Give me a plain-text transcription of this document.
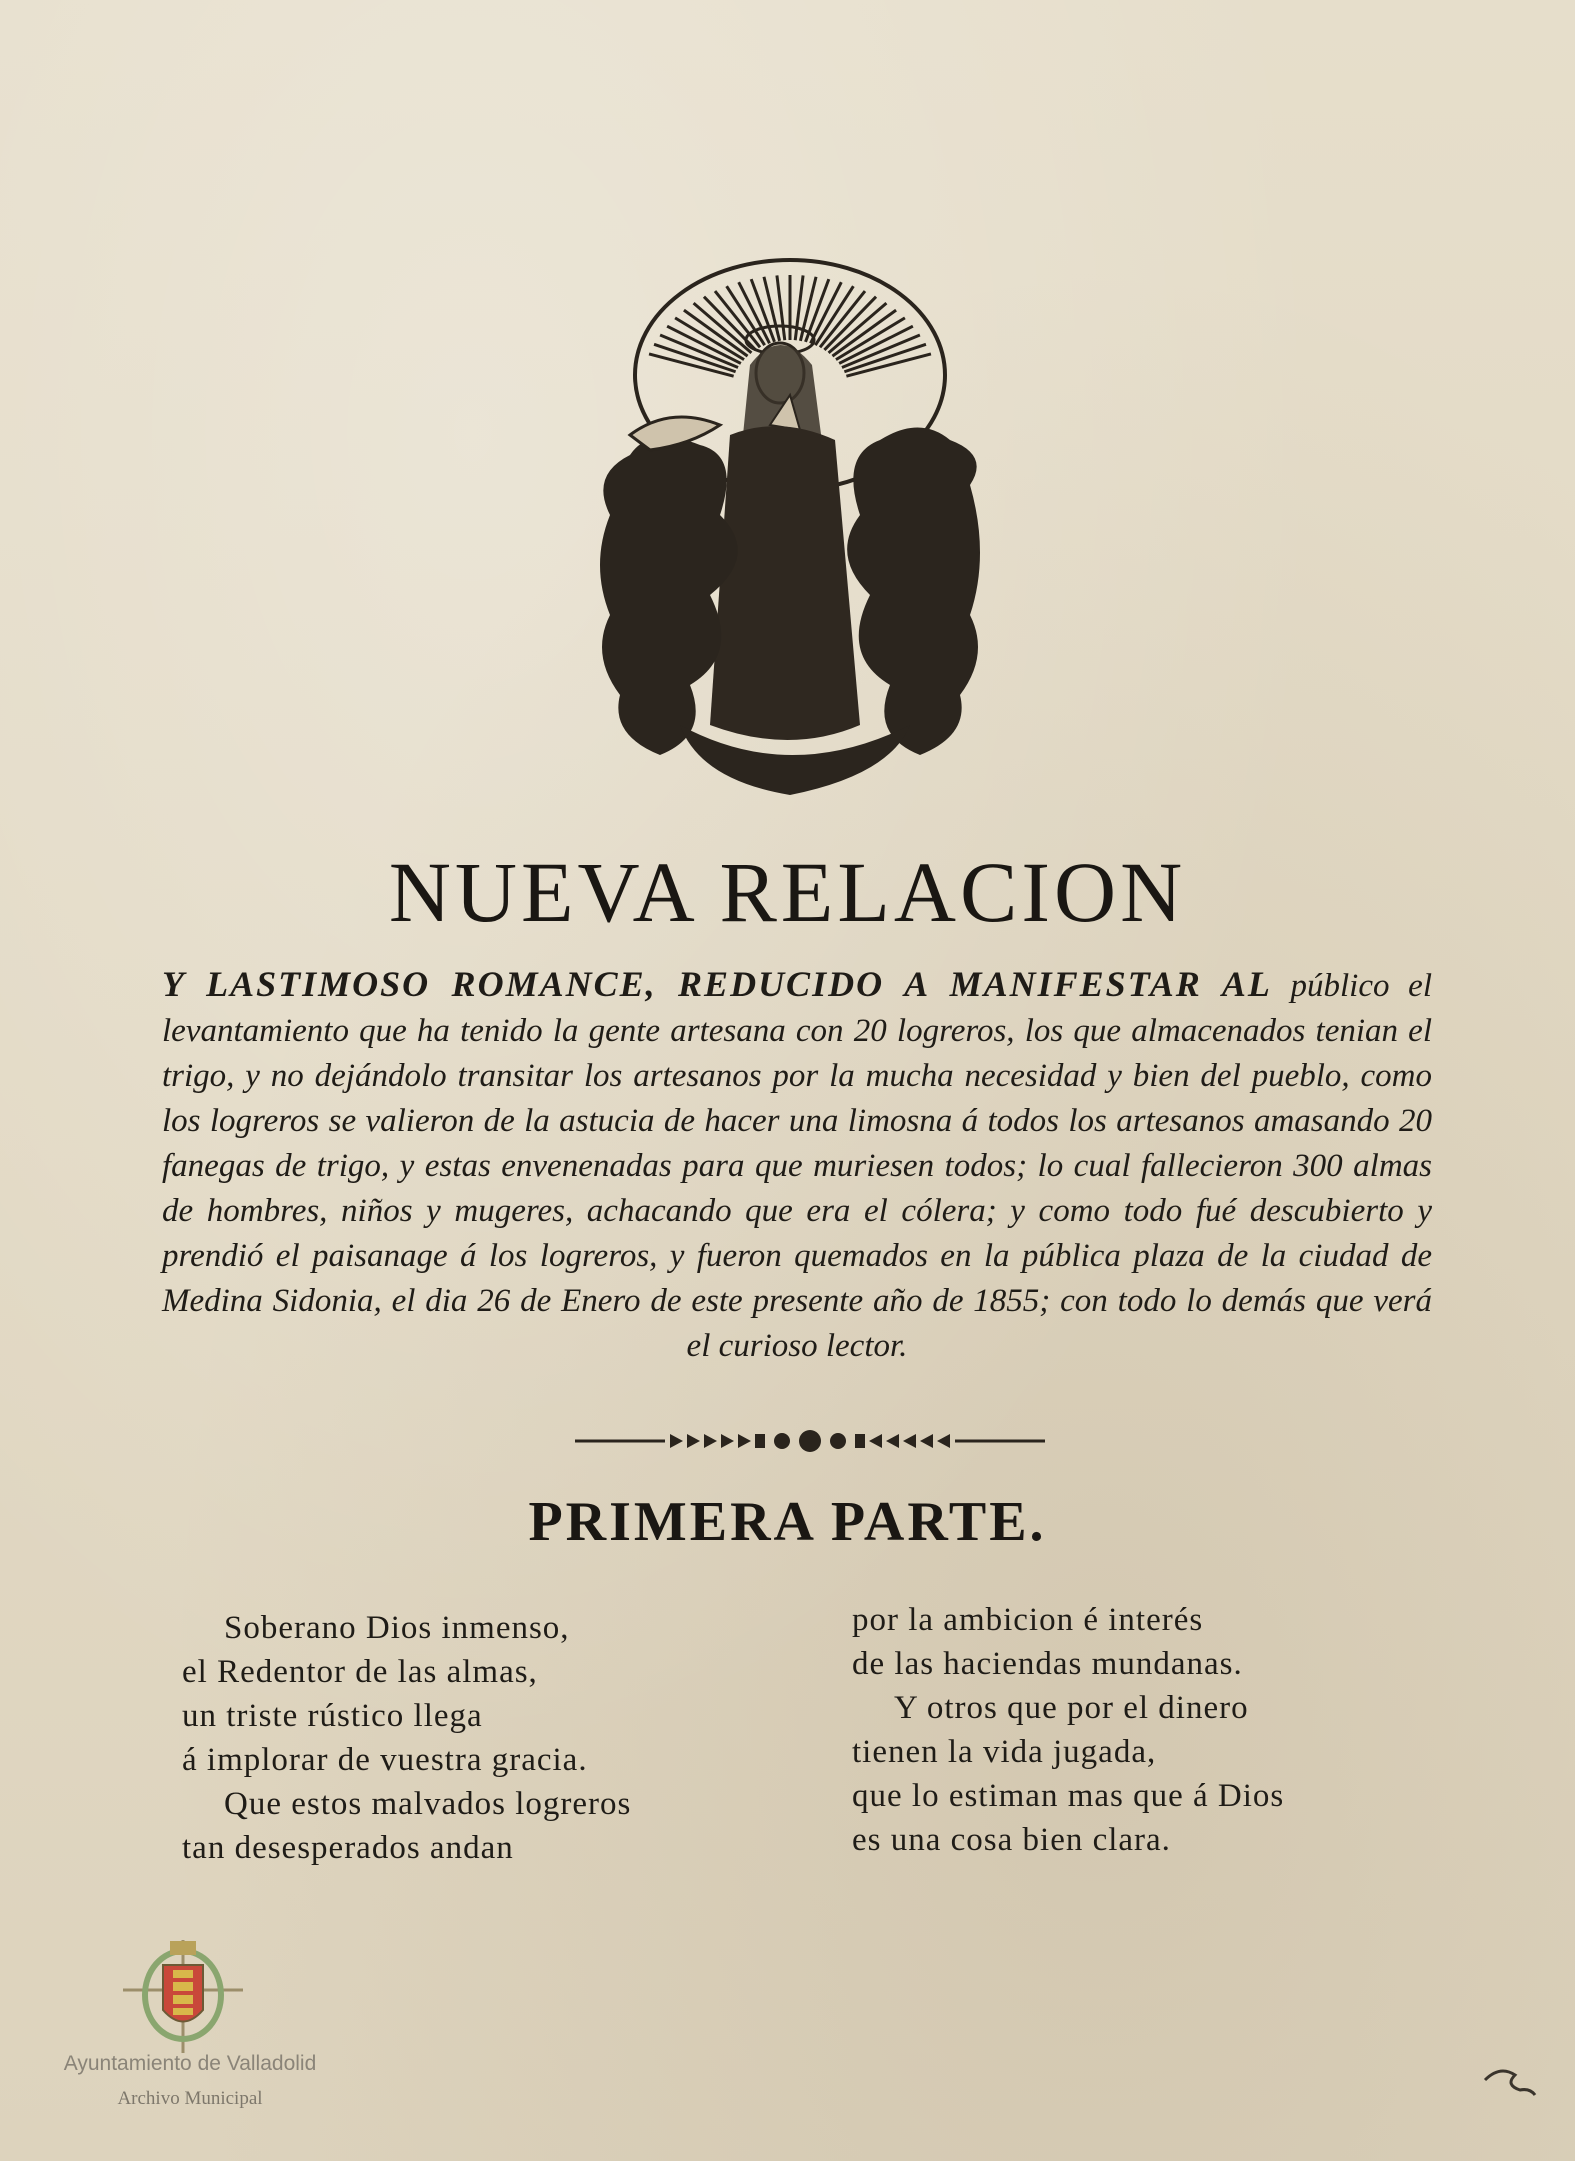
NUEVA RELACION
Y LASTIMOSO ROMANCE, REDUCIDO A MANIFESTAR AL público el levantamiento que ha tenido la gente artesana con 20 logreros, los que almacenados tenian el trigo, y no dejándolo transitar los artesanos por la mucha necesidad y bien del pueblo, como los logreros se valieron de la astucia de hacer una limosna á todos los artesanos amasando 20 fanegas de trigo, y estas envenenadas para que muriesen todos; lo cual fallecieron 300 almas de hombres, niños y mugeres, achacando que era el cólera; y como todo fué descubierto y prendió el paisanage á los logreros, y fueron quemados en la pública plaza de la ciudad de Medina Sidonia, el dia 26 de Enero de este presente año de 1855; con todo lo demás que verá el curioso lector.
PRIMERA PARTE.
Soberano Dios inmenso,
el Redentor de las almas,
un triste rústico llega
á implorar de vuestra gracia.
Que estos malvados logreros
tan desesperados andan
por la ambicion é interés
de las haciendas mundanas.
Y otros que por el dinero
tienen la vida jugada,
que lo estiman mas que á Dios
es una cosa bien clara.
Ayuntamiento de Valladolid
Archivo Municipal
